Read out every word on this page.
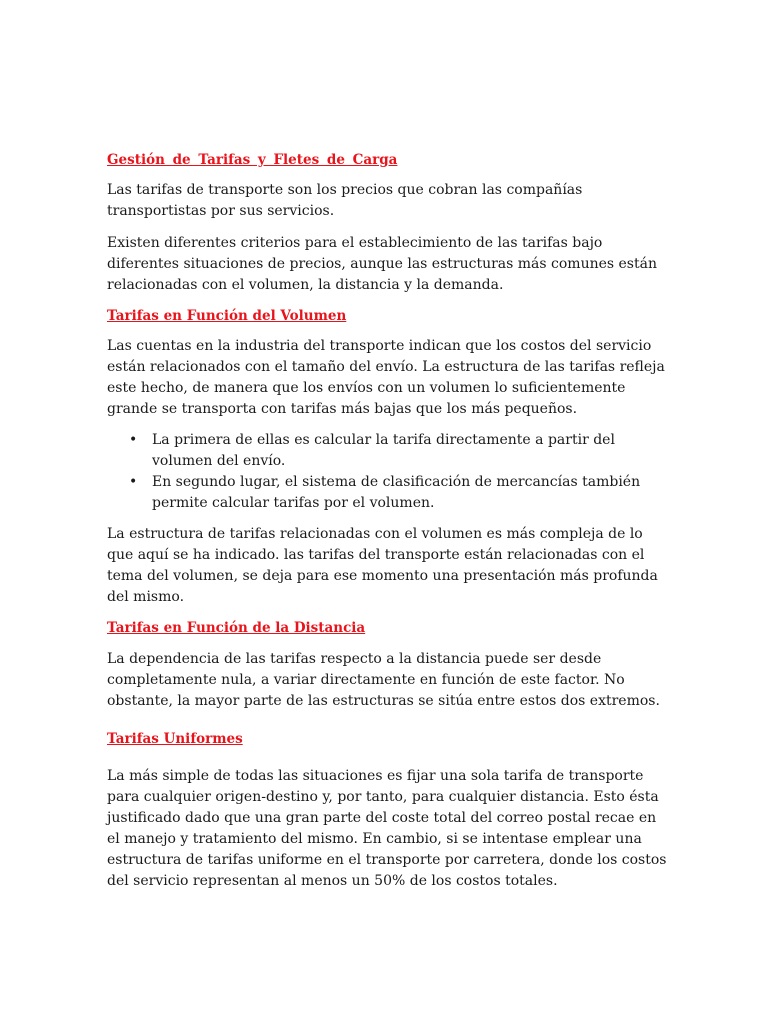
Gestión de Tarifas y Fletes de Carga

Las tarifas de transporte son los precios que cobran las compañías transportistas por sus servicios.

Existen diferentes criterios para el establecimiento de las tarifas bajo diferentes situaciones de precios, aunque las estructuras más comunes están relacionadas con el volumen, la distancia y la demanda.

Tarifas en Función del Volumen

Las cuentas en la industria del transporte indican que los costos del servicio están relacionados con el tamaño del envío. La estructura de las tarifas refleja este hecho, de manera que los envíos con un volumen lo suficientemente grande se transporta con tarifas más bajas que los más pequeños.

• La primera de ellas es calcular la tarifa directamente a partir del volumen del envío.
• En segundo lugar, el sistema de clasificación de mercancías también permite calcular tarifas por el volumen.

La estructura de tarifas relacionadas con el volumen es más compleja de lo que aquí se ha indicado. las tarifas del transporte están relacionadas con el tema del volumen, se deja para ese momento una presentación más profunda del mismo.

Tarifas en Función de la Distancia

La dependencia de las tarifas respecto a la distancia puede ser desde completamente nula, a variar directamente en función de este factor. No obstante, la mayor parte de las estructuras se sitúa entre estos dos extremos.

Tarifas Uniformes

La más simple de todas las situaciones es fijar una sola tarifa de transporte para cualquier origen-destino y, por tanto, para cualquier distancia. Esto ésta justificado dado que una gran parte del coste total del correo postal recae en el manejo y tratamiento del mismo. En cambio, si se intentase emplear una estructura de tarifas uniforme en el transporte por carretera, donde los costos del servicio representan al menos un 50% de los costos totales.
